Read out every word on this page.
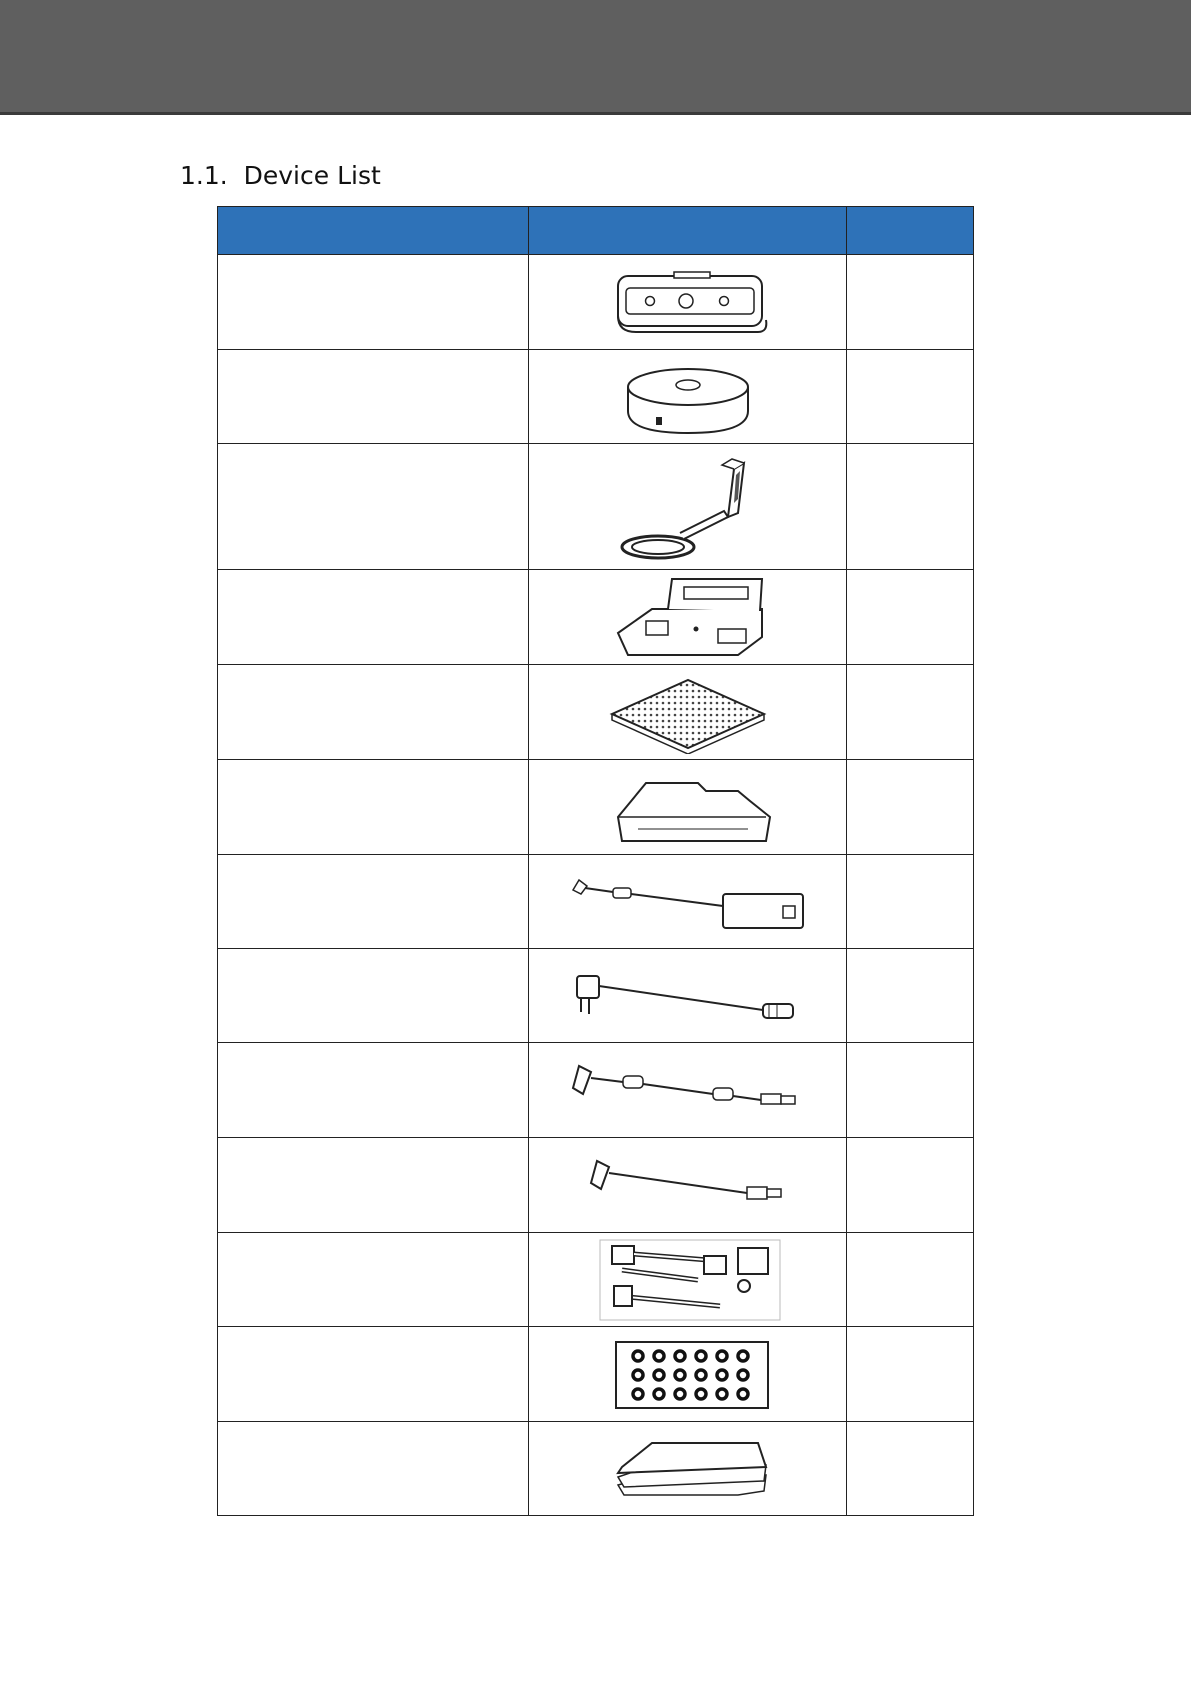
1.1. Device List
